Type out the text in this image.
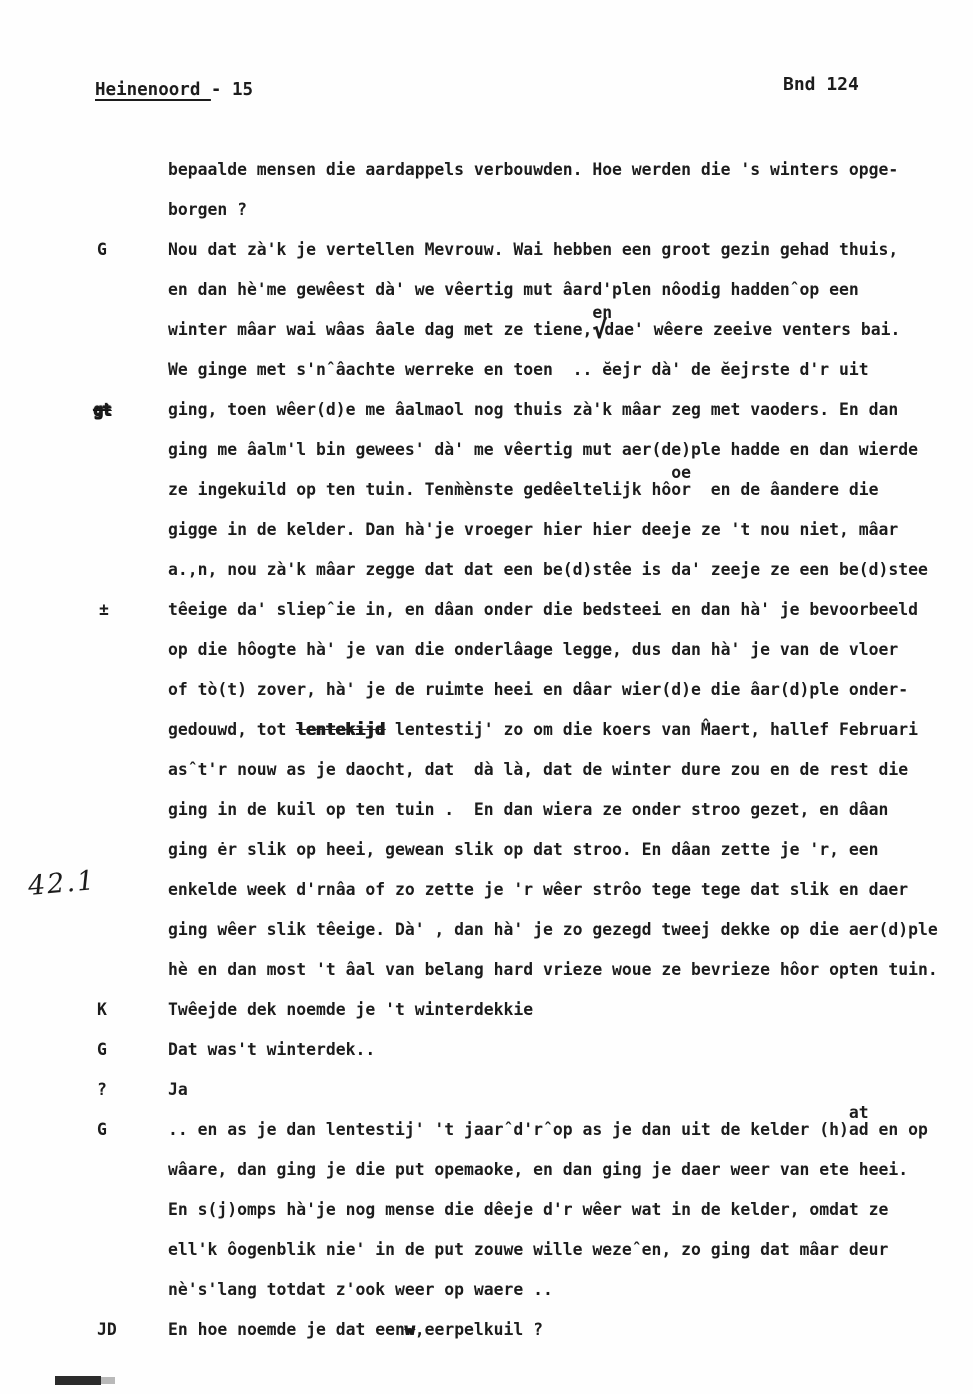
Heinenoord - 15	Bnd 124
bepaalde mensen die aardappels verbouwden. Hoe werden die 's winters opge-
borgen ?
G	Nou dat zà'k je vertellen Mevrouw. Wai hebben een groot gezin gehad thuis,
en dan hè'me gewêest dà' we vêertig mut âard'plen nôodig haddenˆop een
winter mâar wai wâas âale dag met ze tiene,en√dae' wêere zeeive venters bai.
We ginge met s'nˆâachte werreke en toen  .. ĕejr dà' de ĕejrste d'r uit
gt	ging, toen wêer(d)e me âalmaol nog thuis zà'k mâar zeg met vaoders. En dan
ging me âalm'l bin gewees' dà' me vêertig mut aer(de)ple hadde en dan wierde
ze ingekuild op ten tuin. Tenm̀ènste gedêeltelijk hôoeor  en de âandere die
gigge in de kelder. Dan hà'je vroeger hier hier deeje ze 't nou niet, mâar
a.,n, nou zà'k mâar zegge dat dat een be(d)stêe is da' zeeje ze een be(d)stee
±	têeige da' sliepˆie in, en dâan onder die bedsteei en dan hà' je bevoorbeeld
op die hôogte hà' je van die onderlâage legge, dus dan hà' je van de vloer
of tò(t) zover, hà' je de ruimte heei en dâar wier(d)e die âar(d)ple onder-
gedouwd, tot lentekijd lentestij' zo om die koers van M̂aert, hallef Februari
asˆt'r nouw as je daocht, dat  dà là, dat de winter dure zou en de rest die
ging in de kuil op ten tuin .  En dan wiera ze onder stroo gezet, en dâan
ging ėr slik op heei, gewean slik op dat stroo. En dâan zette je 'r, een
42.1	enkelde week d'rnâa of zo zette je 'r wêer strôo tege tege dat slik en daer
ging wêer slik têeige. Dà' , dan hà' je zo gezegd tweej dekke op die aer(d)ple
hè en dan most 't âal van belang hard vrieze woue ze bevrieze hôor opten tuin.
K	Twêejde dek noemde je 't winterdekkie
G	Dat was't winterdek..
?	Ja
G	.. en as je dan lentestij' 't jaarˆd'rˆop as je dan uit de kelder (h)atad en op
wâare, dan ging je die put opemaoke, en dan ging je daer weer van ete heei.
En s(j)omps hà'je nog mense die dêeje d'r wêer wat in de kelder, omdat ze
ell'k ôogenblik nie' in de put zouwe wille wezeˆen, zo ging dat mâar deur
nè's'lang totdat z'ook weer op waere ..
JD	En hoe noemde je dat eenw,eerpelkuil ?
